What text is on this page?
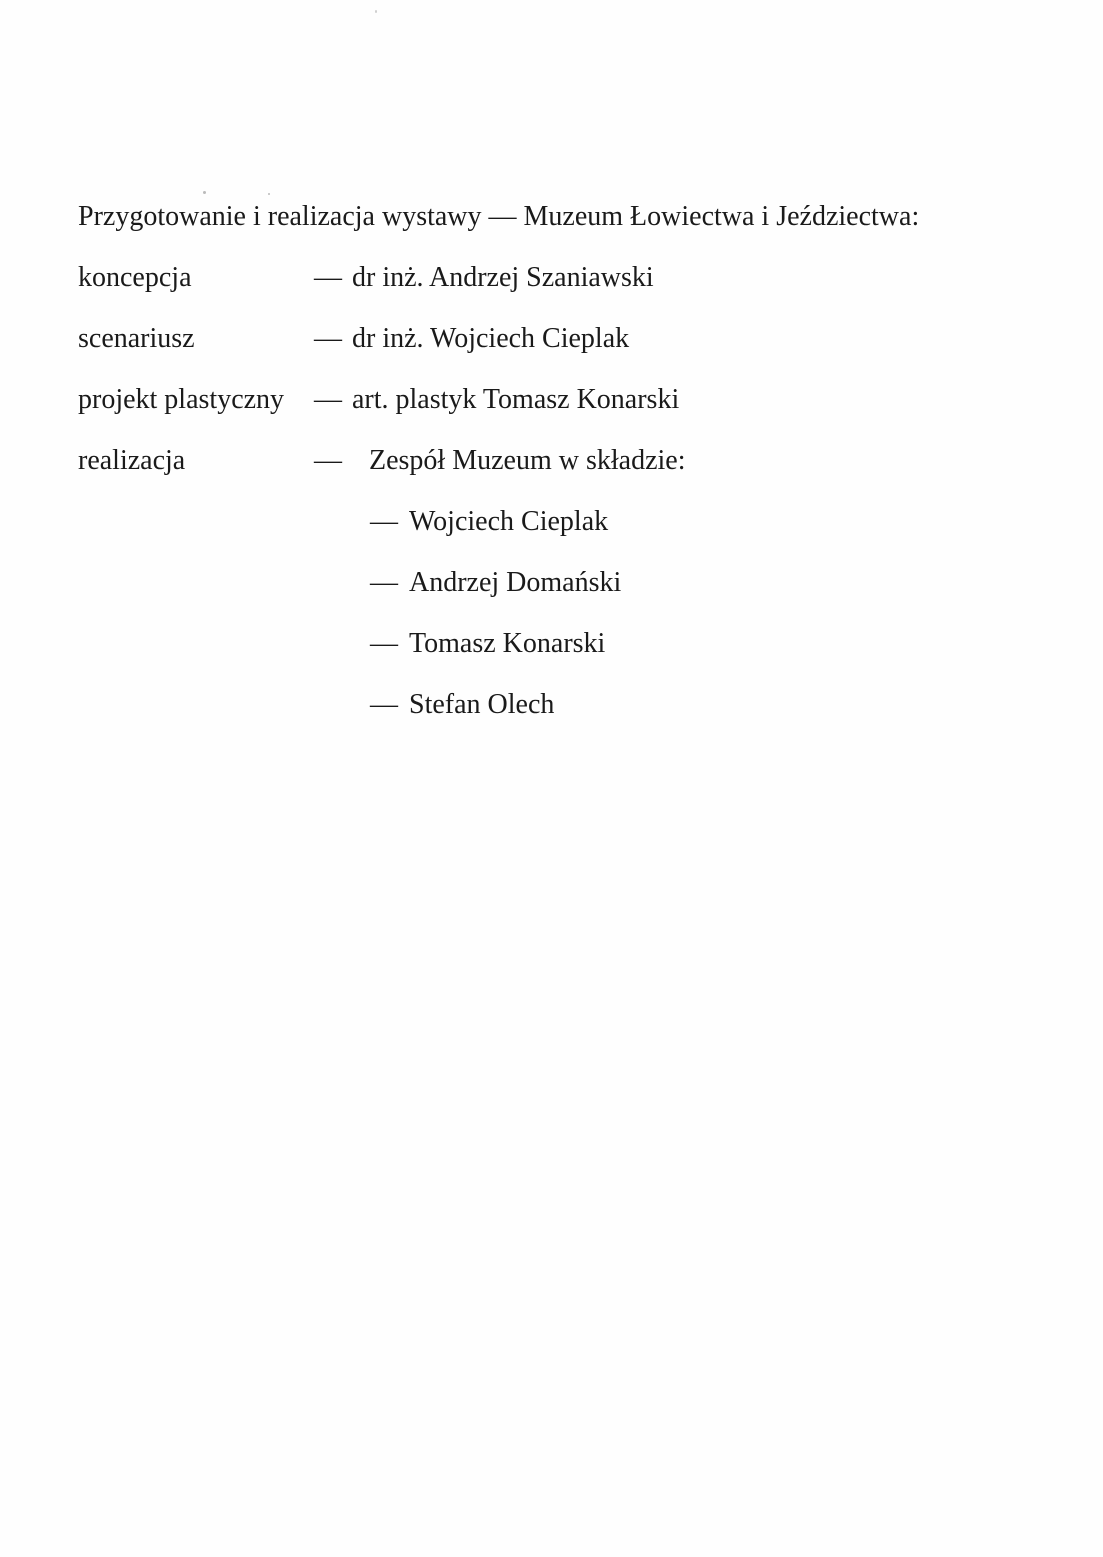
Przygotowanie i realizacja wystawy — Muzeum Łowiectwa i Jeździectwa:
koncepcja	— dr inż. Andrzej Szaniawski
scenariusz	— dr inż. Wojciech Cieplak
projekt plastyczny — art. plastyk Tomasz Konarski
realizacja	— Zespół Muzeum w składzie:
— Wojciech Cieplak
— Andrzej Domański
— Tomasz Konarski
— Stefan Olech
